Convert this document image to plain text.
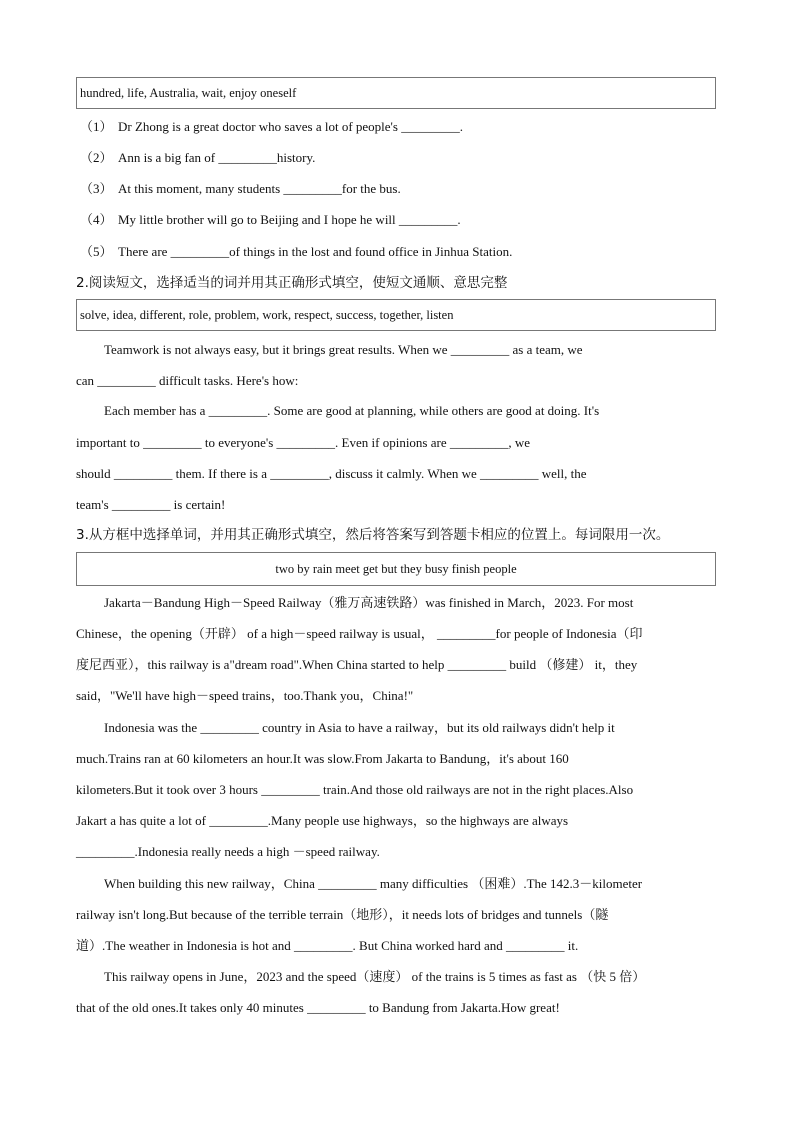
hundred, life, Australia, wait, enjoy oneself
（1） Dr Zhong is a great doctor who saves a lot of people's _________.
（2） Ann is a big fan of _________history.
（3） At this moment, many students _________for the bus.
（4） My little brother will go to Beijing and I hope he will _________.
（5） There are _________of things in the lost and found office in Jinhua Station.
2.阅读短文，选择适当的词并用其正确形式填空，使短文通顺、意思完整
solve, idea, different, role, problem, work, respect, success, together, listen
Teamwork is not always easy, but it brings great results. When we _________ as a team, we
can _________ difficult tasks. Here's how:
Each member has a _________. Some are good at planning, while others are good at doing. It's
important to _________ to everyone's _________. Even if opinions are _________, we
should _________ them. If there is a _________, discuss it calmly. When we _________ well, the
team's _________ is certain!
3.从方框中选择单词，并用其正确形式填空，然后将答案写到答题卡相应的位置上。每词限用一次。
two by rain meet get but they busy finish people
Jakarta－Bandung High－Speed Railway（雅万高速铁路）was finished in March，2023. For most
Chinese，the opening（开辟） of a high－speed railway is usual， _________for people of Indonesia（印
度尼西亚），this railway is a"dream road".When China started to help _________ build （修建） it，they
said，"We'll have high－speed trains，too.Thank you，China!"
Indonesia was the _________ country in Asia to have a railway，but its old railways didn't help it
much.Trains ran at 60 kilometers an hour.It was slow.From Jakarta to Bandung，it's about 160
kilometers.But it took over 3 hours _________ train.And those old railways are not in the right places.Also
Jakart a has quite a lot of _________.Many people use highways，so the highways are always
_________.Indonesia really needs a high －speed railway.
When building this new railway，China _________ many difficulties （困难）.The 142.3－kilometer
railway isn't long.But because of the terrible terrain（地形），it needs lots of bridges and tunnels（隧
道）.The weather in Indonesia is hot and _________. But China worked hard and _________ it.
This railway opens in June，2023 and the speed（速度） of the trains is 5 times as fast as （快 5 倍）
that of the old ones.It takes only 40 minutes _________ to Bandung from Jakarta.How great!
